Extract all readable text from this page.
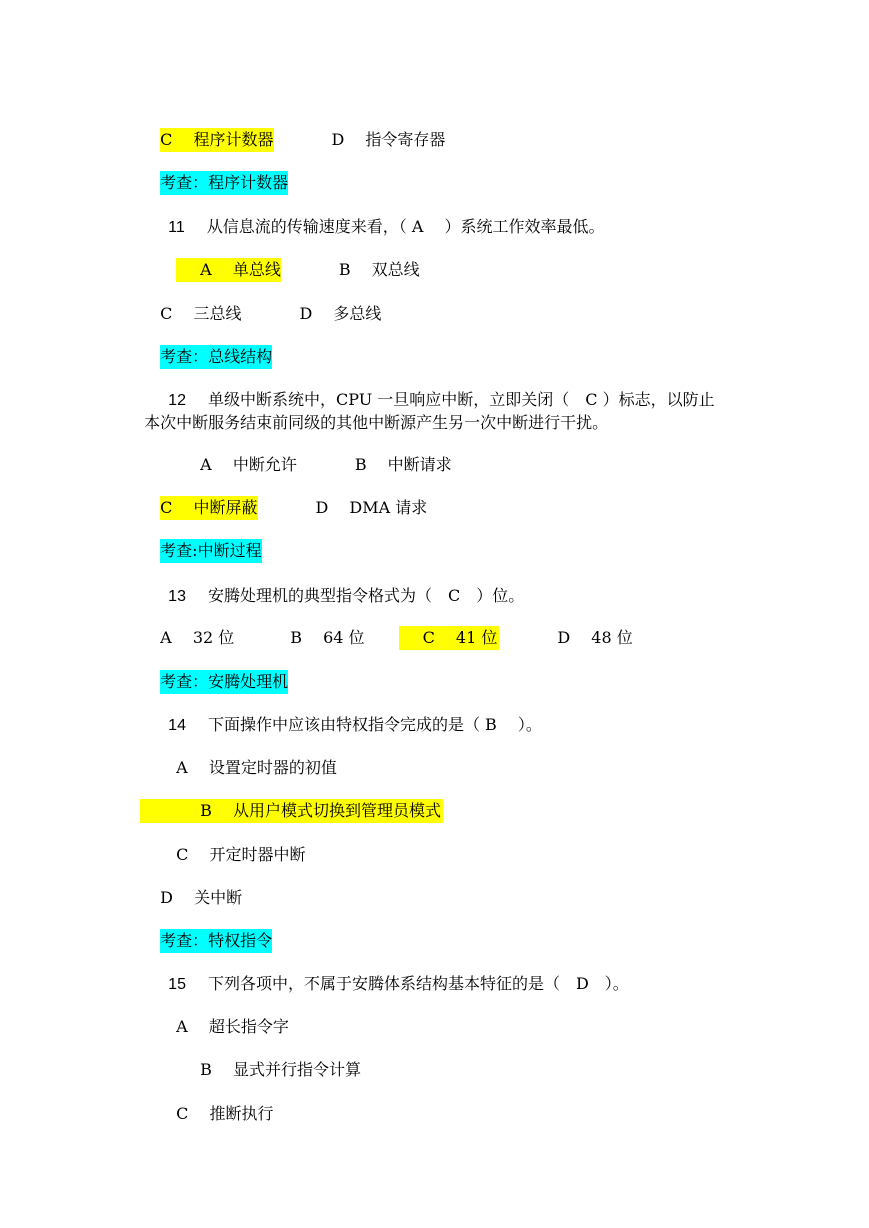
C　 程序计数器	D　 指令寄存器

考查：程序计数器

11 从信息流的传输速度来看，（ A　 ）系统工作效率最低。

A　 单总线	B　 双总线

C　 三总线	D　 多总线

考查：总线结构

12 单级中断系统中，CPU 一旦响应中断，立即关闭（　C ）标志，以防止

本次中断服务结束前同级的其他中断源产生另一次中断进行干扰。

A　 中断允许	B　 中断请求

C　 中断屏蔽	D　 DMA 请求

考查:中断过程

13 安腾处理机的典型指令格式为（　C　）位。

A　 32 位	B　 64 位	C　 41 位	D　 48 位

考查：安腾处理机

14 下面操作中应该由特权指令完成的是（ B　 ）。

A　 设置定时器的初值

B　 从用户模式切换到管理员模式

C　 开定时器中断

D　 关中断

考查：特权指令

15 下列各项中，不属于安腾体系结构基本特征的是（　D　）。

A　 超长指令字

B　 显式并行指令计算

C　 推断执行
